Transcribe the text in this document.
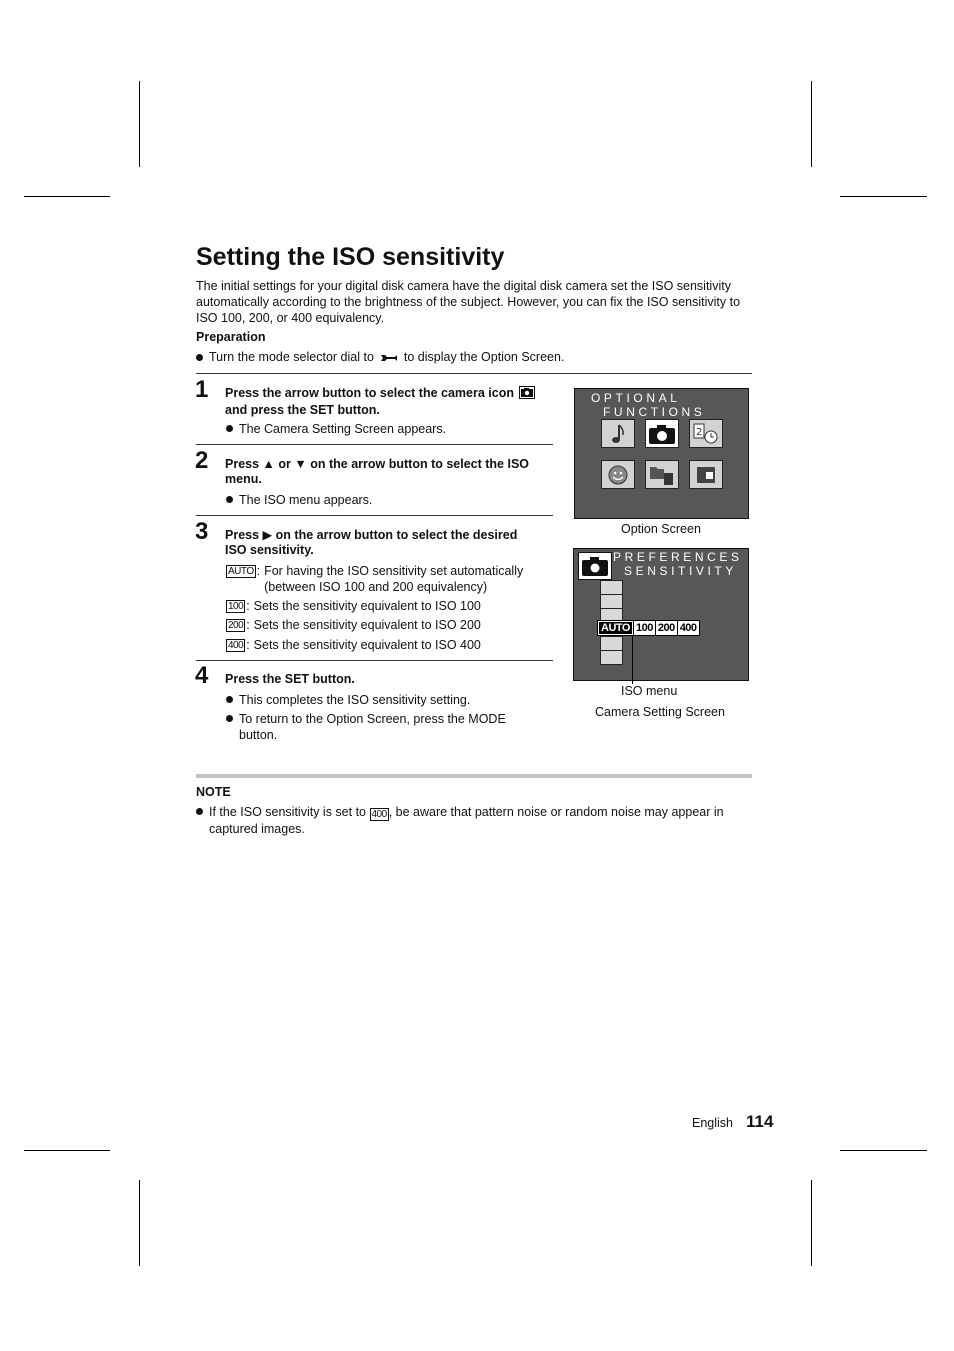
Setting the ISO sensitivity

The initial settings for your digital disk camera have the digital disk camera set the ISO sensitivity automatically according to the brightness of the subject. However, you can fix the ISO sensitivity to ISO 100, 200, or 400 equivalency.

Preparation
Turn the mode selector dial to to display the Option Screen.
1 Press the arrow button to select the camera icon
and press the SET button.
The Camera Setting Screen appears.
2 Press ▲ or ▼ on the arrow button to select the ISO
menu.
The ISO menu appears.
3 Press ▶ on the arrow button to select the desired
ISO sensitivity.
AUTO : For having the ISO sensitivity set automatically (between ISO 100 and 200 equivalency)
100 : Sets the sensitivity equivalent to ISO 100
200 : Sets the sensitivity equivalent to ISO 200
400 : Sets the sensitivity equivalent to ISO 400
4 Press the SET button.
This completes the ISO sensitivity setting.
To return to the Option Screen, press the MODE button.
OPTIONAL
FUNCTIONS
2
Option Screen
PREFERENCES
SENSITIVITY
AUTO 100 200 400
ISO menu
Camera Setting Screen
NOTE
If the ISO sensitivity is set to 400 , be aware that pattern noise or random noise may appear in captured images.
English 114
